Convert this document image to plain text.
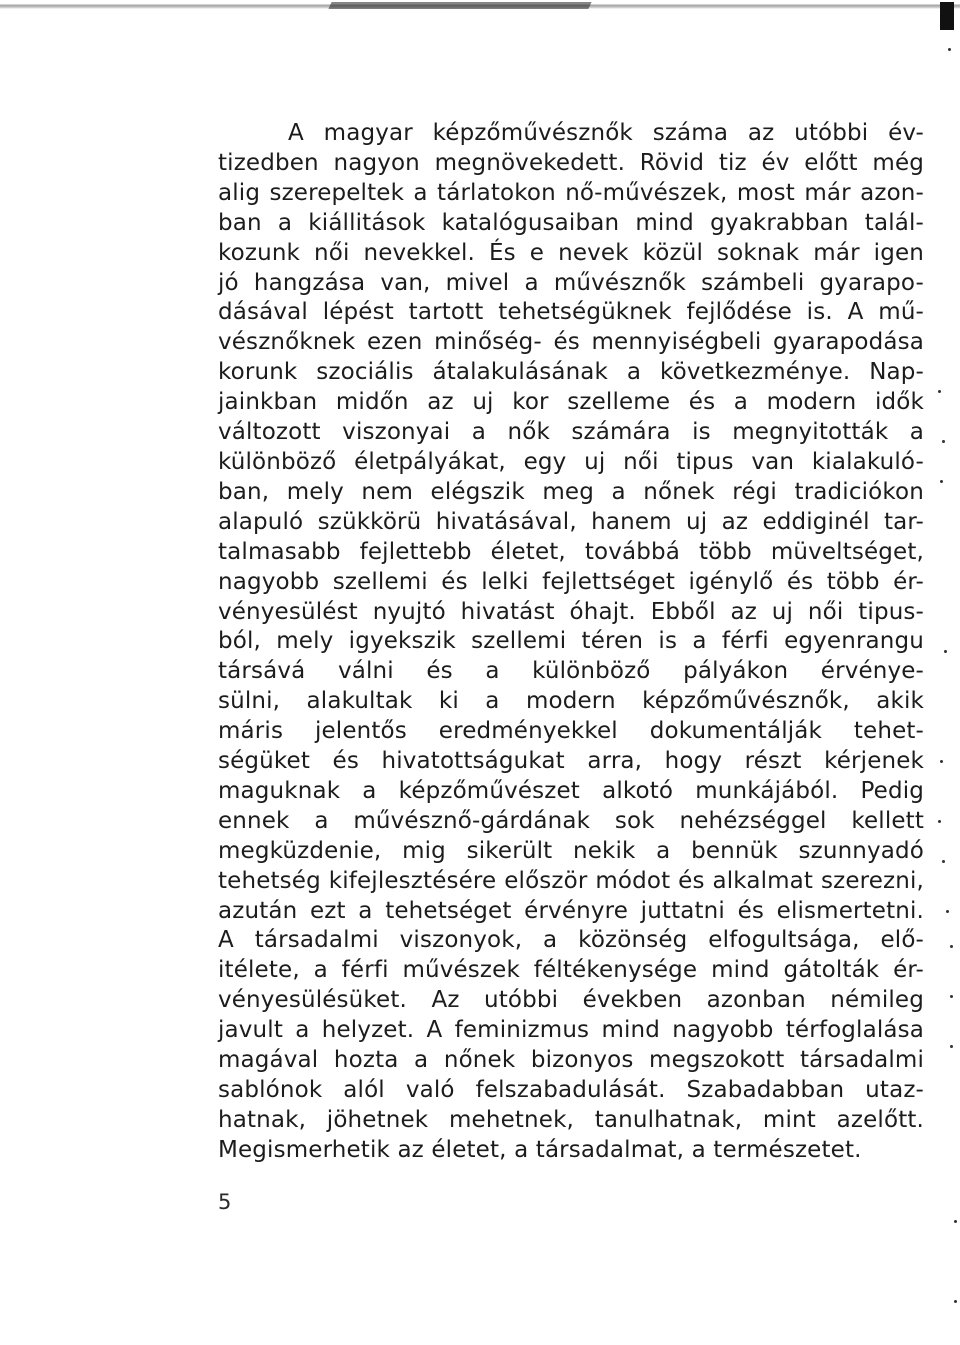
A magyar képzőművésznők száma az utóbbi év-
tizedben nagyon megnövekedett. Rövid tiz év előtt még
alig szerepeltek a tárlatokon nő-művészek, most már azon-
ban a kiállitások katalógusaiban mind gyakrabban talál-
kozunk női nevekkel. És e nevek közül soknak már igen
jó hangzása van, mivel a művésznők számbeli gyarapo-
dásával lépést tartott tehetségüknek fejlődése is. A mű-
vésznőknek ezen minőség- és mennyiségbeli gyarapodása
korunk szociális átalakulásának a következménye. Nap-
jainkban midőn az uj kor szelleme és a modern idők
változott viszonyai a nők számára is megnyitották a
különböző életpályákat, egy uj női tipus van kialakuló-
ban, mely nem elégszik meg a nőnek régi tradiciókon
alapuló szükkörü hivatásával, hanem uj az eddiginél tar-
talmasabb fejlettebb életet, továbbá több müveltséget,
nagyobb szellemi és lelki fejlettséget igénylő és több ér-
vényesülést nyujtó hivatást óhajt. Ebből az uj női tipus-
ból, mely igyekszik szellemi téren is a férfi egyenrangu
társává válni és a különböző pályákon érvénye-
sülni, alakultak ki a modern képzőművésznők, akik
máris jelentős eredményekkel dokumentálják tehet-
ségüket és hivatottságukat arra, hogy részt kérjenek
maguknak a képzőművészet alkotó munkájából. Pedig
ennek a művésznő-gárdának sok nehézséggel kellett
megküzdenie, mig sikerült nekik a bennük szunnyadó
tehetség kifejlesztésére először módot és alkalmat szerezni,
azután ezt a tehetséget érvényre juttatni és elismertetni.
A társadalmi viszonyok, a közönség elfogultsága, elő-
itélete, a férfi művészek féltékenysége mind gátolták ér-
vényesülésüket. Az utóbbi években azonban némileg
javult a helyzet. A feminizmus mind nagyobb térfoglalása
magával hozta a nőnek bizonyos megszokott társadalmi
sablónok alól való felszabadulását. Szabadabban utaz-
hatnak, jöhetnek mehetnek, tanulhatnak, mint azelőtt.
Megismerhetik az életet, a társadalmat, a természetet.
5
